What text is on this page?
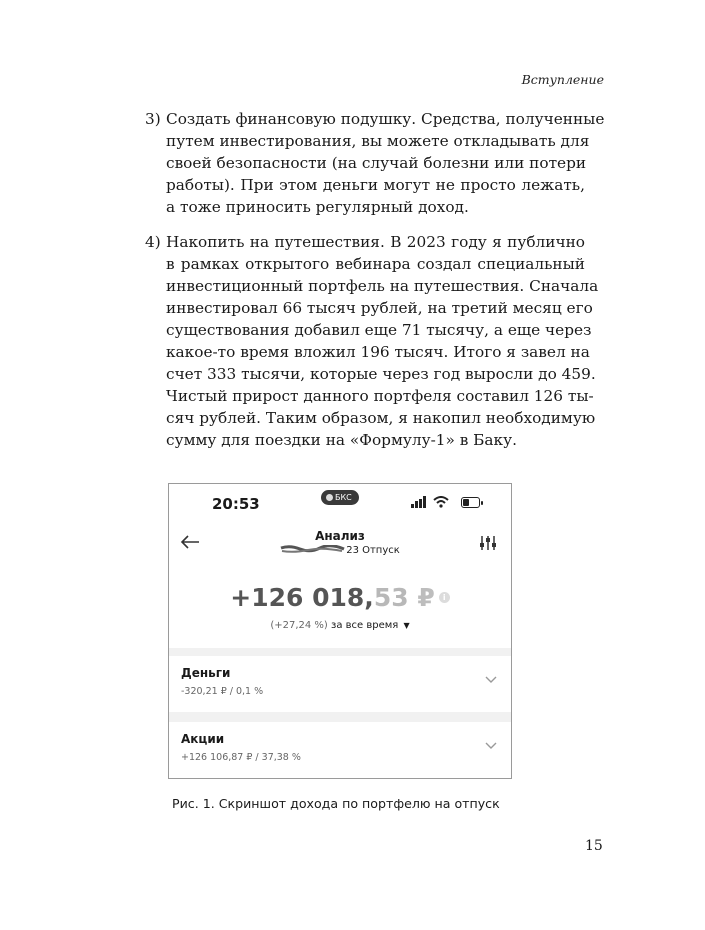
Вступление
3) Создать финансовую подушку. Средства, полученные
путем инвестирования, вы можете откладывать для
своей безопасности (на случай болезни или потери
работы). При этом деньги могут не просто лежать,
а тоже приносить регулярный доход.
4) Накопить на путешествия. В 2023 году я публично
в рамках открытого вебинара создал специальный
инвестиционный портфель на путешествия. Сначала
инвестировал 66 тысяч рублей, на третий месяц его
существования добавил еще 71 тысячу, а еще через
какое-то время вложил 196 тысяч. Итого я завел на
счет 333 тысячи, которые через год выросли до 459.
Чистый прирост данного портфеля составил 126 ты-
сяч рублей. Таким образом, я накопил необходимую
сумму для поездки на «Формулу-1» в Баку.
20:53	БКС
Анализ
23 Отпуск
+126 018,53 ₽ i
(+27,24 %) за все время ▼
Деньги
-320,21 ₽ / 0,1 %
Акции
+126 106,87 ₽ / 37,38 %
Рис. 1. Скриншот дохода по портфелю на отпуск
15
